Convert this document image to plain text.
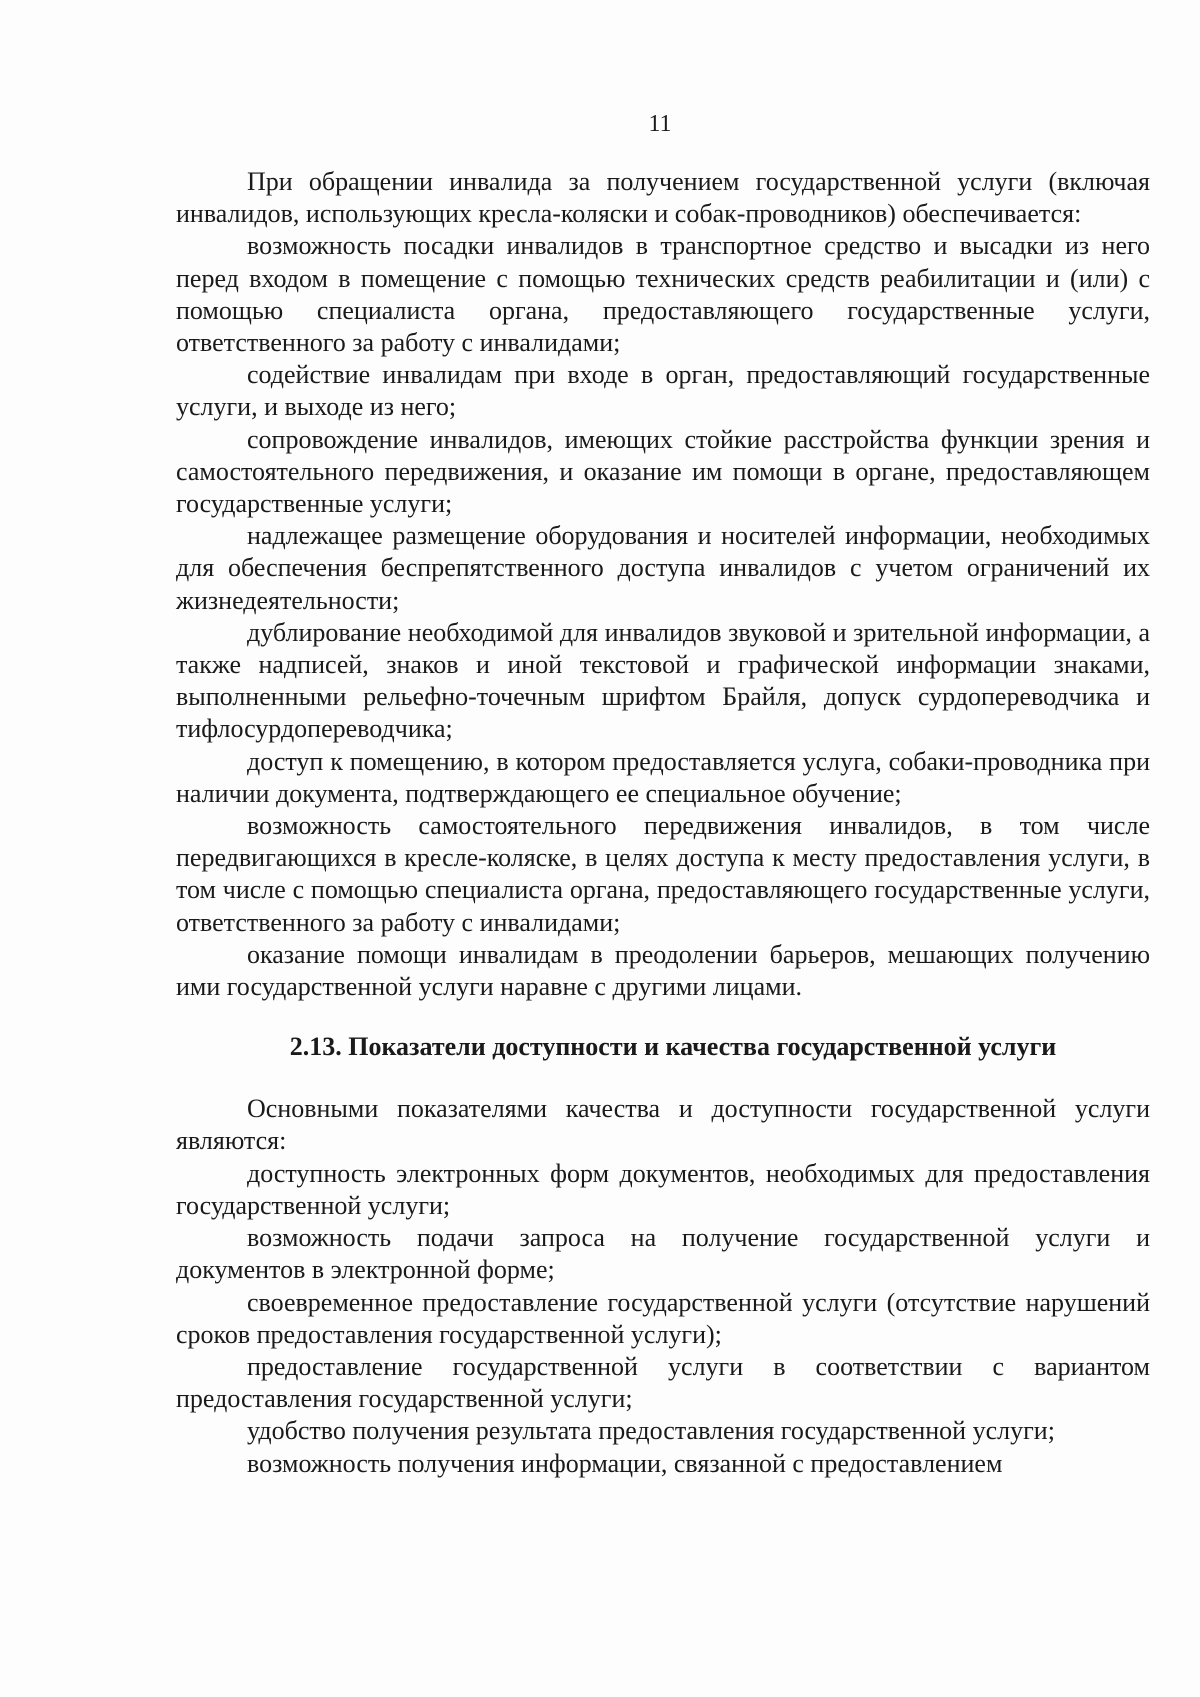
11

При обращении инвалида за получением государственной услуги (включая инвалидов, использующих кресла-коляски и собак-проводников) обеспечивается:

возможность посадки инвалидов в транспортное средство и высадки из него перед входом в помещение с помощью технических средств реабилитации и (или) с помощью специалиста органа, предоставляющего государственные услуги, ответственного за работу с инвалидами;

содействие инвалидам при входе в орган, предоставляющий государственные услуги, и выходе из него;

сопровождение инвалидов, имеющих стойкие расстройства функции зрения и самостоятельного передвижения, и оказание им помощи в органе, предоставляющем государственные услуги;

надлежащее размещение оборудования и носителей информации, необходимых для обеспечения беспрепятственного доступа инвалидов с учетом ограничений их жизнедеятельности;

дублирование необходимой для инвалидов звуковой и зрительной информации, а также надписей, знаков и иной текстовой и графической информации знаками, выполненными рельефно-точечным шрифтом Брайля, допуск сурдопереводчика и тифлосурдопереводчика;

доступ к помещению, в котором предоставляется услуга, собаки-проводника при наличии документа, подтверждающего ее специальное обучение;

возможность самостоятельного передвижения инвалидов, в том числе передвигающихся в кресле-коляске, в целях доступа к месту предоставления услуги, в том числе с помощью специалиста органа, предоставляющего государственные услуги, ответственного за работу с инвалидами;

оказание помощи инвалидам в преодолении барьеров, мешающих получению ими государственной услуги наравне с другими лицами.

2.13. Показатели доступности и качества государственной услуги

Основными показателями качества и доступности государственной услуги являются:

доступность электронных форм документов, необходимых для предоставления государственной услуги;

возможность подачи запроса на получение государственной услуги и документов в электронной форме;

своевременное предоставление государственной услуги (отсутствие нарушений сроков предоставления государственной услуги);

предоставление государственной услуги в соответствии с вариантом предоставления государственной услуги;

удобство получения результата предоставления государственной услуги;

возможность получения информации, связанной с предоставлением
